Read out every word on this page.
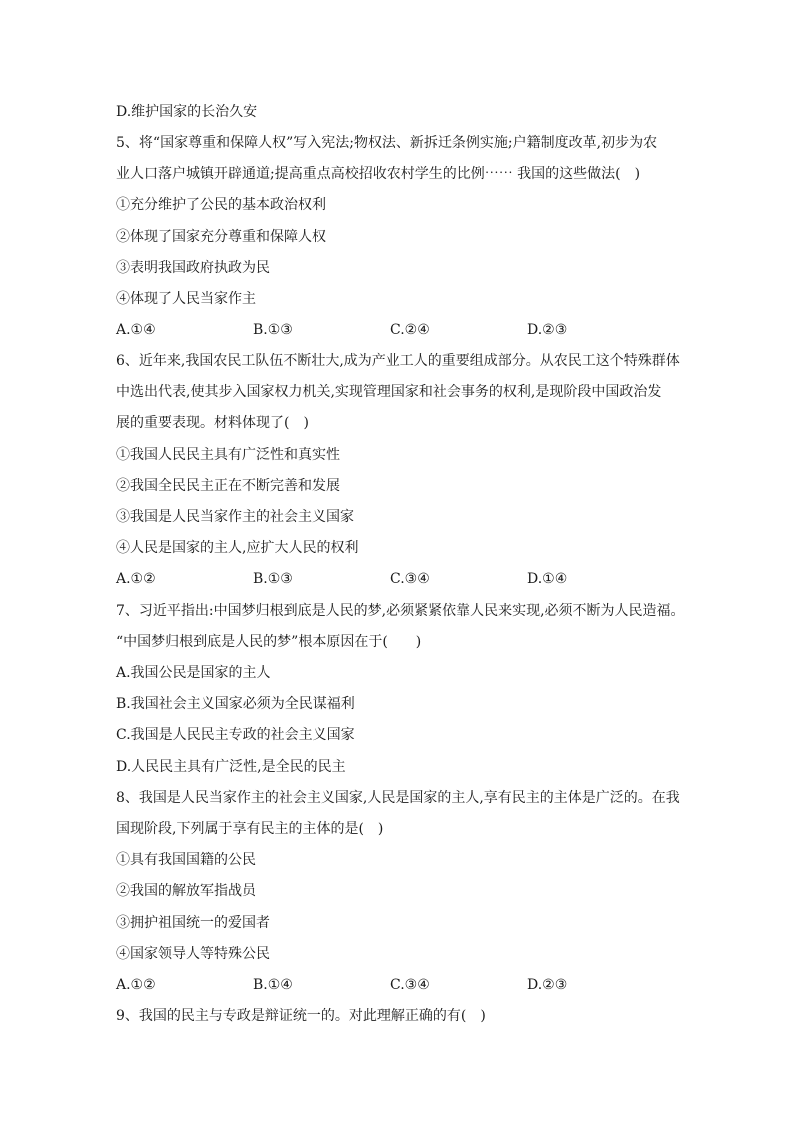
D.维护国家的长治久安
5、将“国家尊重和保障人权”写入宪法;物权法、新拆迁条例实施;户籍制度改革,初步为农
业人口落户城镇开辟通道;提高重点高校招收农村学生的比例⋯⋯ 我国的这些做法(　)
①充分维护了公民的基本政治权利
②体现了国家充分尊重和保障人权
③表明我国政府执政为民
④体现了人民当家作主
A.①④	B.①③	C.②④	D.②③
6、近年来,我国农民工队伍不断壮大,成为产业工人的重要组成部分。从农民工这个特殊群体
中选出代表,使其步入国家权力机关,实现管理国家和社会事务的权利,是现阶段中国政治发
展的重要表现。材料体现了(　)
①我国人民民主具有广泛性和真实性
②我国全民民主正在不断完善和发展
③我国是人民当家作主的社会主义国家
④人民是国家的主人,应扩大人民的权利
A.①②	B.①③	C.③④	D.①④
7、习近平指出:中国梦归根到底是人民的梦,必须紧紧依靠人民来实现,必须不断为人民造福。
“中国梦归根到底是人民的梦”根本原因在于(　　)
A.我国公民是国家的主人
B.我国社会主义国家必须为全民谋福利
C.我国是人民民主专政的社会主义国家
D.人民民主具有广泛性,是全民的民主
8、我国是人民当家作主的社会主义国家,人民是国家的主人,享有民主的主体是广泛的。在我
国现阶段,下列属于享有民主的主体的是(　)
①具有我国国籍的公民
②我国的解放军指战员
③拥护祖国统一的爱国者
④国家领导人等特殊公民
A.①②	B.①④	C.③④	D.②③
9、我国的民主与专政是辩证统一的。对此理解正确的有(　)
